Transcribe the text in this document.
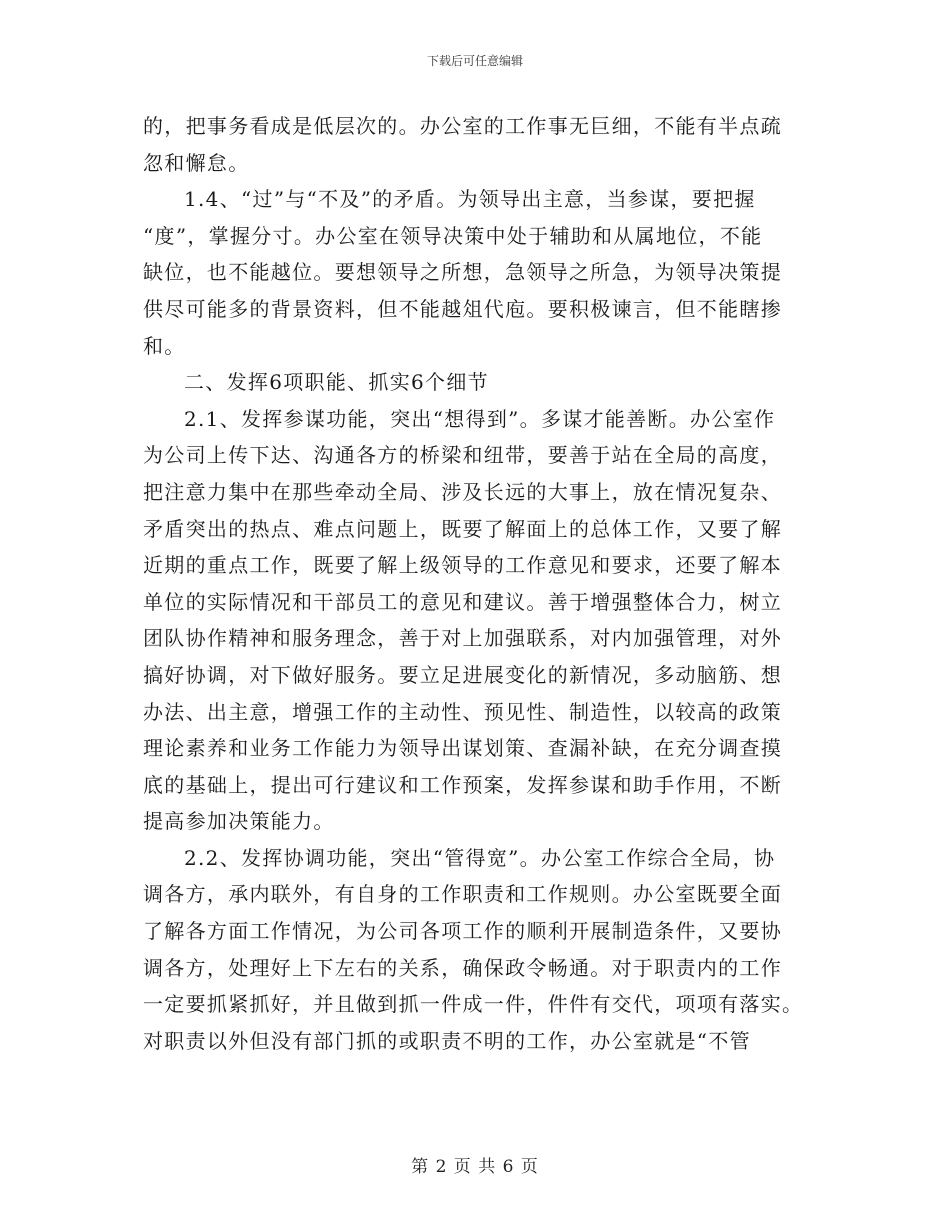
下载后可任意编辑
的，把事务看成是低层次的。办公室的工作事无巨细，不能有半点疏
忽和懈怠。
1.4、“过”与“不及”的矛盾。为领导出主意，当参谋，要把握
“度”，掌握分寸。办公室在领导决策中处于辅助和从属地位，不能
缺位，也不能越位。要想领导之所想，急领导之所急，为领导决策提
供尽可能多的背景资料，但不能越俎代庖。要积极谏言，但不能瞎掺
和。
二、发挥6项职能、抓实6个细节
2.1、发挥参谋功能，突出“想得到”。多谋才能善断。办公室作
为公司上传下达、沟通各方的桥梁和纽带，要善于站在全局的高度，
把注意力集中在那些牵动全局、涉及长远的大事上，放在情况复杂、
矛盾突出的热点、难点问题上，既要了解面上的总体工作，又要了解
近期的重点工作，既要了解上级领导的工作意见和要求，还要了解本
单位的实际情况和干部员工的意见和建议。善于增强整体合力，树立
团队协作精神和服务理念，善于对上加强联系，对内加强管理，对外
搞好协调，对下做好服务。要立足进展变化的新情况，多动脑筋、想
办法、出主意，增强工作的主动性、预见性、制造性，以较高的政策
理论素养和业务工作能力为领导出谋划策、查漏补缺，在充分调查摸
底的基础上，提出可行建议和工作预案，发挥参谋和助手作用，不断
提高参加决策能力。
2.2、发挥协调功能，突出“管得宽”。办公室工作综合全局，协
调各方，承内联外，有自身的工作职责和工作规则。办公室既要全面
了解各方面工作情况，为公司各项工作的顺利开展制造条件，又要协
调各方，处理好上下左右的关系，确保政令畅通。对于职责内的工作
一定要抓紧抓好，并且做到抓一件成一件，件件有交代，项项有落实。
对职责以外但没有部门抓的或职责不明的工作，办公室就是“不管
第 2 页 共 6 页
